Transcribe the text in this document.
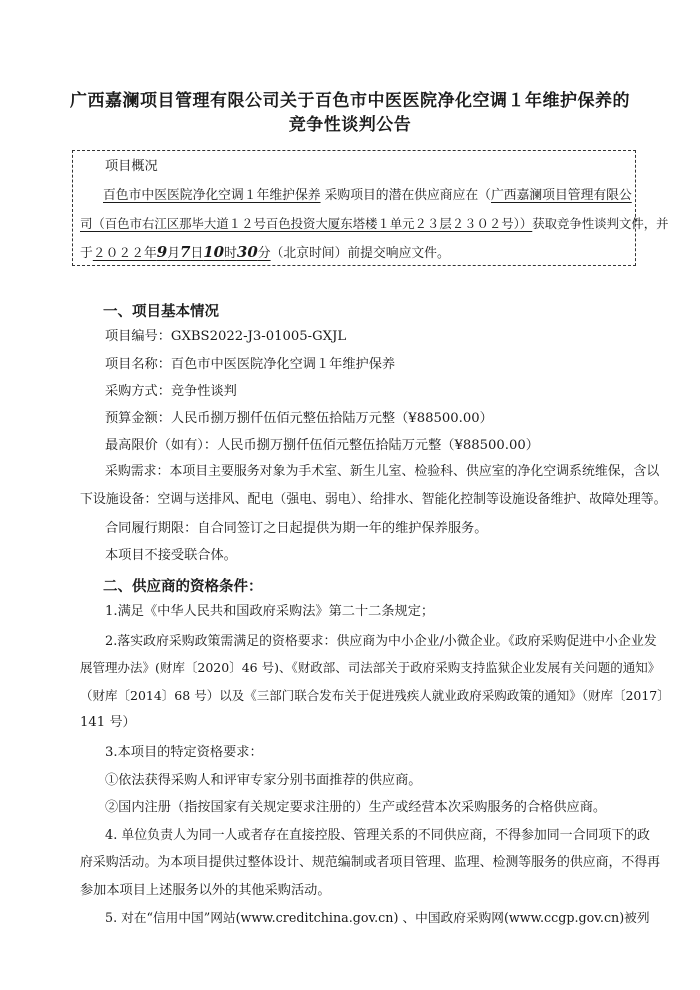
广西嘉澜项目管理有限公司关于百色市中医医院净化空调１年维护保养的
竞争性谈判公告
项目概况
百色市中医医院净化空调１年维护保养 采购项目的潜在供应商应在（广西嘉澜项目管理有限公
司（百色市右江区那毕大道１２号百色投资大厦东塔楼１单元２３层２３０２号））获取竞争性谈判文件，并
于２０２２年9月7日10时30分（北京时间）前提交响应文件。
一、项目基本情况
项目编号：GXBS2022-J3-01005-GXJL
项目名称：百色市中医医院净化空调１年维护保养
采购方式：竞争性谈判
预算金额：人民币捌万捌仟伍佰元整伍拾陆万元整（¥88500.00）
最高限价（如有）：人民币捌万捌仟伍佰元整伍拾陆万元整（¥88500.00）
采购需求：本项目主要服务对象为手术室、新生儿室、检验科、供应室的净化空调系统维保，含以
下设施设备：空调与送排风、配电（强电、弱电）、给排水、智能化控制等设施设备维护、故障处理等。
合同履行期限：自合同签订之日起提供为期一年的维护保养服务。
本项目不接受联合体。
二、供应商的资格条件：
1.满足《中华人民共和国政府采购法》第二十二条规定；
2.落实政府采购政策需满足的资格要求：供应商为中小企业/小微企业。《政府采购促进中小企业发
展管理办法》(财库〔2020〕46 号)、《财政部、司法部关于政府采购支持监狱企业发展有关问题的通知》
（财库〔2014〕68 号）以及《三部门联合发布关于促进残疾人就业政府采购政策的通知》（财库〔2017〕
141 号）
3.本项目的特定资格要求：
①依法获得采购人和评审专家分别书面推荐的供应商。
②国内注册（指按国家有关规定要求注册的）生产或经营本次采购服务的合格供应商。
4. 单位负责人为同一人或者存在直接控股、管理关系的不同供应商，不得参加同一合同项下的政
府采购活动。为本项目提供过整体设计、规范编制或者项目管理、监理、检测等服务的供应商，不得再
参加本项目上述服务以外的其他采购活动。
5. 对在“信用中国”网站(www.creditchina.gov.cn) 、中国政府采购网(www.ccgp.gov.cn)被列
